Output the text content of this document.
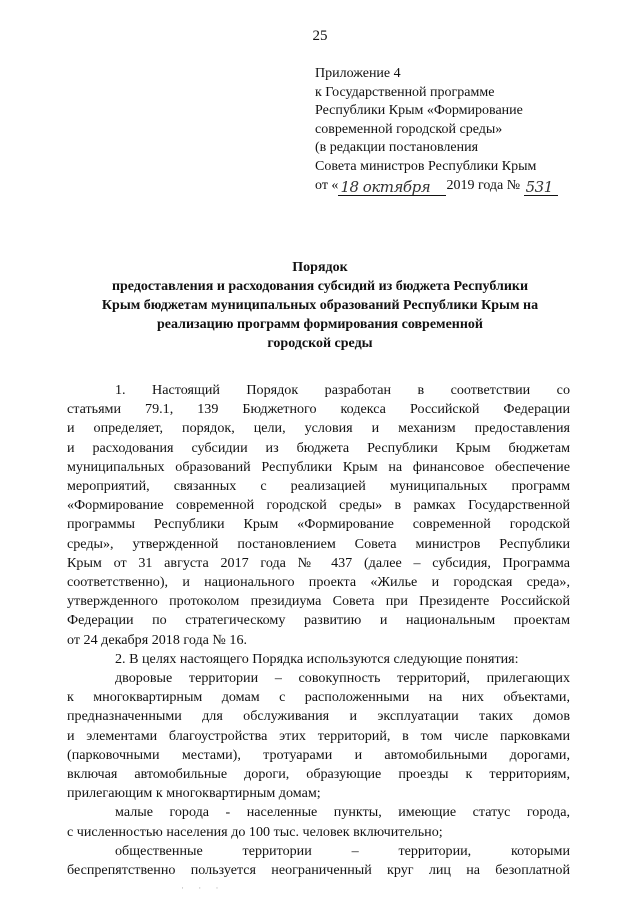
25
Приложение 4
к Государственной программе
Республики Крым «Формирование
современной городской среды»
(в редакции постановления
Совета министров Республики Крым
от « 18 октября 2019 года № 531

Порядок
предоставления и расходования субсидий из бюджета Республики
Крым бюджетам муниципальных образований Республики Крым на
реализацию программ формирования современной
городской среды
1. Настоящий Порядок разработан в соответствии со
статьями 79.1, 139 Бюджетного кодекса Российской Федерации
и определяет, порядок, цели, условия и механизм предоставления
и расходования субсидии из бюджета Республики Крым бюджетам
муниципальных образований Республики Крым на финансовое обеспечение
мероприятий, связанных с реализацией муниципальных программ
«Формирование современной городской среды» в рамках Государственной
программы Республики Крым «Формирование современной городской
среды», утвержденной постановлением Совета министров Республики
Крым от 31 августа 2017 года № 437 (далее – субсидия, Программа
соответственно), и национального проекта «Жилье и городская среда»,
утвержденного протоколом президиума Совета при Президенте Российской
Федерации по стратегическому развитию и национальным проектам
от 24 декабря 2018 года № 16.
2. В целях настоящего Порядка используются следующие понятия:
дворовые территории – совокупность территорий, прилегающих
к многоквартирным домам с расположенными на них объектами,
предназначенными для обслуживания и эксплуатации таких домов
и элементами благоустройства этих территорий, в том числе парковками
(парковочными местами), тротуарами и автомобильными дорогами,
включая автомобильные дороги, образующие проезды к территориям,
прилегающим к многоквартирным домам;
малые города - населенные пункты, имеющие статус города,
с численностью населения до 100 тыс. человек включительно;
общественные территории – территории, которыми
беспрепятственно пользуется неограниченный круг лиц на безоплатной
· · ·
